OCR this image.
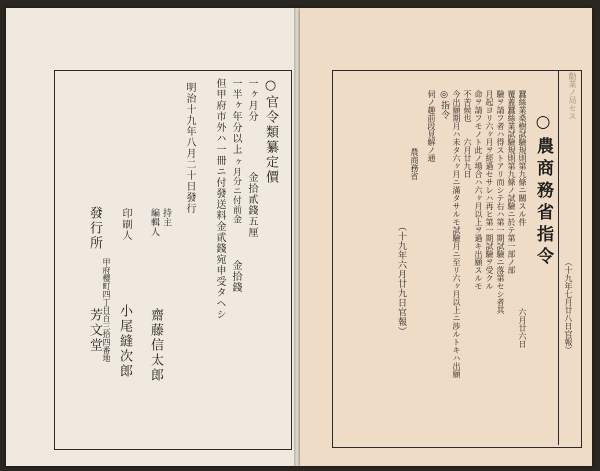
○官令類纂定價
一ヶ月分
金拾貳錢五厘
一半ヶ年分以上
一ヶ月分ニ付前金
金拾錢
但甲府市外ハ一冊ニ付發送料金貮錢宛申受タヘシ
明治十九年八月二十日發行
持主
編輯人
齋藤信太郎
印刷人
小尾縫次郎
發行所
甲府櫻町四丁目百三拾四番地
芳文堂
勸業ノ局セス
（十九年七月廿八日官報）
○農商務省指令
蠶絲業桑樹試驗規則第九條ニ關スル件
覆蓋蠶絲業試驗規則第九條ノ試驗ニ於テ第一部ノ部
驗ヲ請フ者ハ得ストアリ而シテ右ハ第一期試驗ニ落第セシ者其
月起ヨリ六ヶ月ヲ經過セサレハ再ヒ第一期試驗ヲ受クル
命ヲ請フモノト此ノ場合ハ六ヶ月以上ヲ過キ出願スルモ
不苦候也　　六月廿九日
今出願期月ハ未タ六ヶ月ニ滿タサルモ試驗月ニ至リ六ヶ月以上ニ渉ルトキハ出願
◎指令
伺ノ趣前段見解ノ通
六月廿六日
農商務省
（十九年六月廿九日官報）
